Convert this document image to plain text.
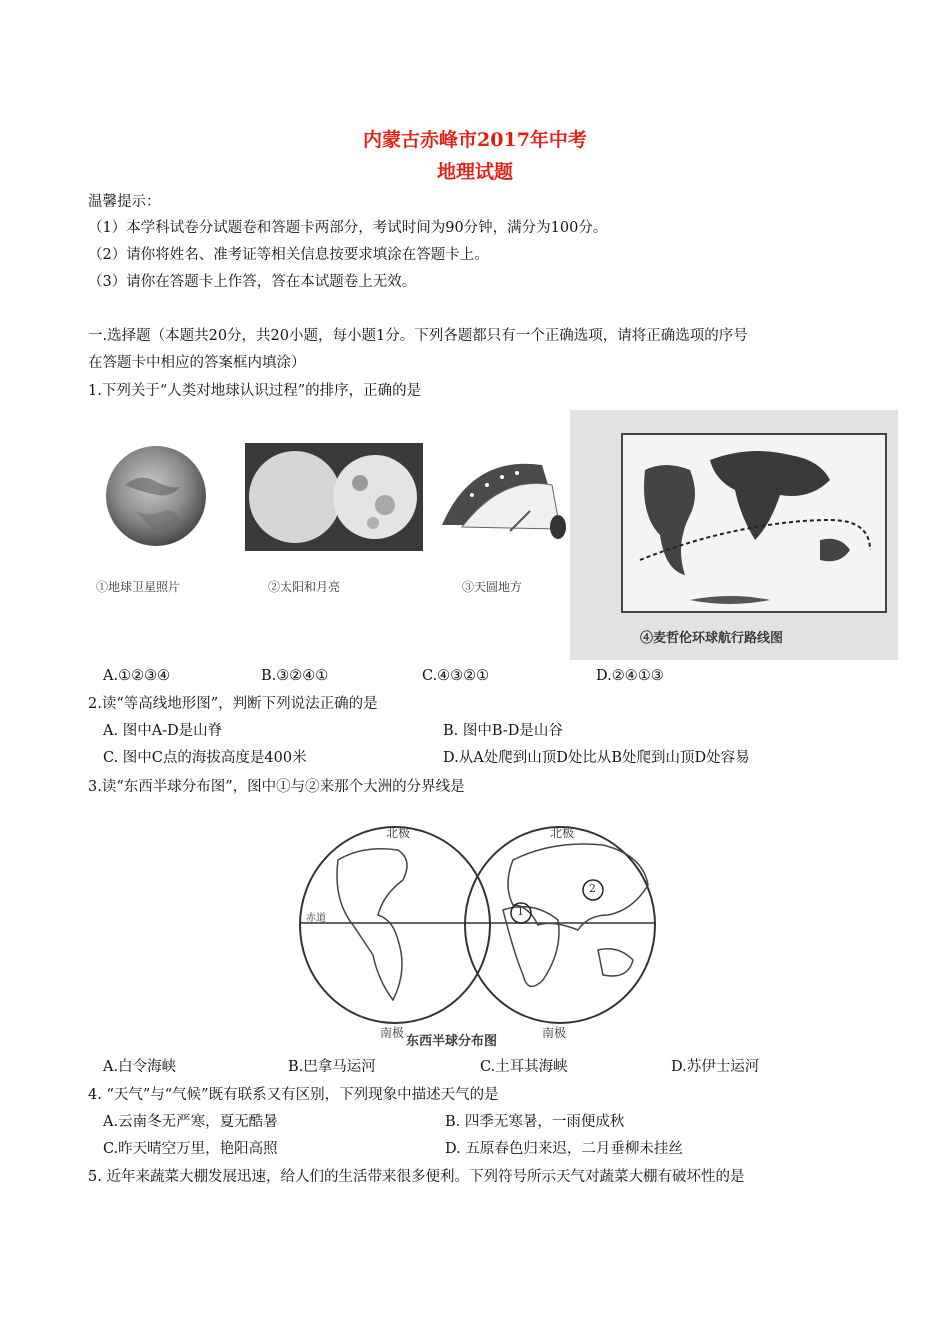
内蒙古赤峰市2017年中考
地理试题
温馨提示：
（1）本学科试卷分试题卷和答题卡两部分，考试时间为90分钟，满分为100分。
（2）请你将姓名、准考证等相关信息按要求填涂在答题卡上。
（3）请你在答题卡上作答，答在本试题卷上无效。
一.选择题（本题共20分，共20小题，每小题1分。下列各题都只有一个正确选项，请将正确选项的序号
在答题卡中相应的答案框内填涂）
1.下列关于“人类对地球认识过程”的排序，正确的是
①地球卫星照片	②太阳和月亮	③天圆地方
④麦哲伦环球航行路线图
A.①②③④	B.③②④①	C.④③②①	D.②④①③
2.读“等高线地形图”，判断下列说法正确的是
A. 图中A-D是山脊	B. 图中B-D是山谷
C. 图中C点的海拔高度是400米	D.从A处爬到山顶D处比从B处爬到山顶D处容易
3.读“东西半球分布图”，图中①与②来那个大洲的分界线是
北极	北极
赤道
1
2
南极	南极
东西半球分布图
A.白令海峡	B.巴拿马运河	C.土耳其海峡	D.苏伊士运河
4. “天气”与“气候”既有联系又有区别，下列现象中描述天气的是
A.云南冬无严寒，夏无酷暑	B. 四季无寒暑，一雨便成秋
C.昨天晴空万里，艳阳高照	D. 五原春色归来迟，二月垂柳未挂丝
5. 近年来蔬菜大棚发展迅速，给人们的生活带来很多便利。下列符号所示天气对蔬菜大棚有破坏性的是
